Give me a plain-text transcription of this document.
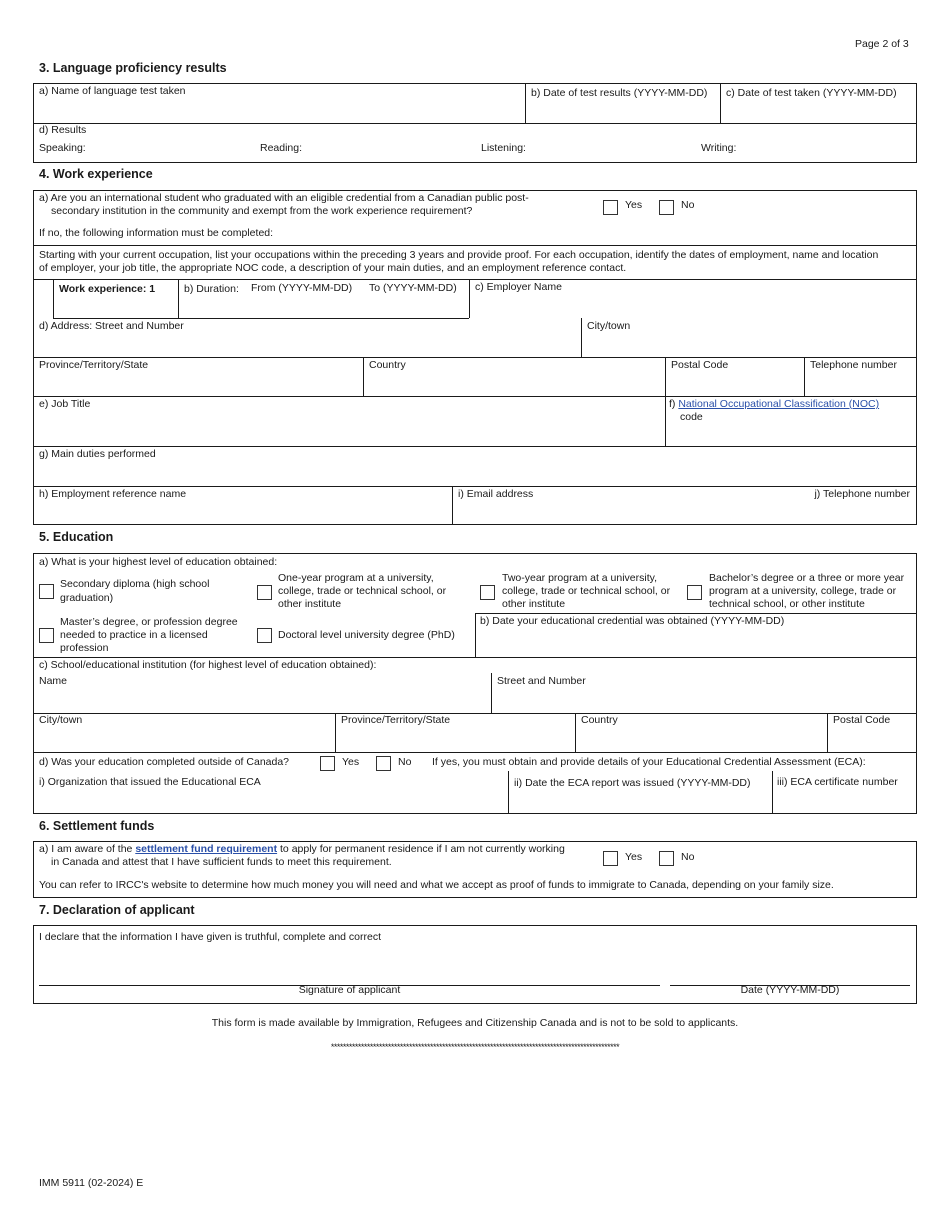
Page 2 of 3
3. Language proficiency results
a) Name of language test taken	b) Date of test results (YYYY-MM-DD) c) Date of test taken (YYYY-MM-DD)
d) Results
Speaking:	Reading:	Listening:	Writing:
4. Work experience
a) Are you an international student who graduated with an eligible credential from a Canadian public post-
secondary institution in the community and exempt from the work experience requirement?	Yes	No
If no, the following information must be completed:
Starting with your current occupation, list your occupations within the preceding 3 years and provide proof. For each occupation, identify the dates of employment, name and location
of employer, your job title, the appropriate NOC code, a description of your main duties, and an employment reference contact.
Work experience: 1	b) Duration: From (YYYY-MM-DD) To (YYYY-MM-DD) c) Employer Name
d) Address: Street and Number	City/town
Province/Territory/State	Country	Postal Code	Telephone number
e) Job Title	f) National Occupational Classification (NOC)
code
g) Main duties performed
h) Employment reference name	i) Email address	j) Telephone number
5. Education
a) What is your highest level of education obtained:
Secondary diploma (high school
graduation)
One-year program at a university,
college, trade or technical school, or
other institute
Two-year program at a university,
college, trade or technical school, or
other institute
Bachelor’s degree or a three or more year
program at a university, college, trade or
technical school, or other institute
Master’s degree, or profession degree
needed to practice in a licensed
profession
Doctoral level university degree (PhD)
b) Date your educational credential was obtained (YYYY-MM-DD)
c) School/educational institution (for highest level of education obtained):
Name	Street and Number
City/town	Province/Territory/State	Country	Postal Code
d) Was your education completed outside of Canada?	Yes	No If yes, you must obtain and provide details of your Educational Credential Assessment (ECA):
i) Organization that issued the Educational ECA	ii) Date the ECA report was issued (YYYY-MM-DD)	iii) ECA certificate number
6. Settlement funds
a) I am aware of the settlement fund requirement to apply for permanent residence if I am not currently working
in Canada and attest that I have sufficient funds to meet this requirement.	Yes	No
You can refer to IRCC's website to determine how much money you will need and what we accept as proof of funds to immigrate to Canada, depending on your family size.
7. Declaration of applicant
I declare that the information I have given is truthful, complete and correct
Signature of applicant	Date (YYYY-MM-DD)
This form is made available by Immigration, Refugees and Citizenship Canada and is not to be sold to applicants.
************************************************************************************************
IMM 5911 (02-2024) E
